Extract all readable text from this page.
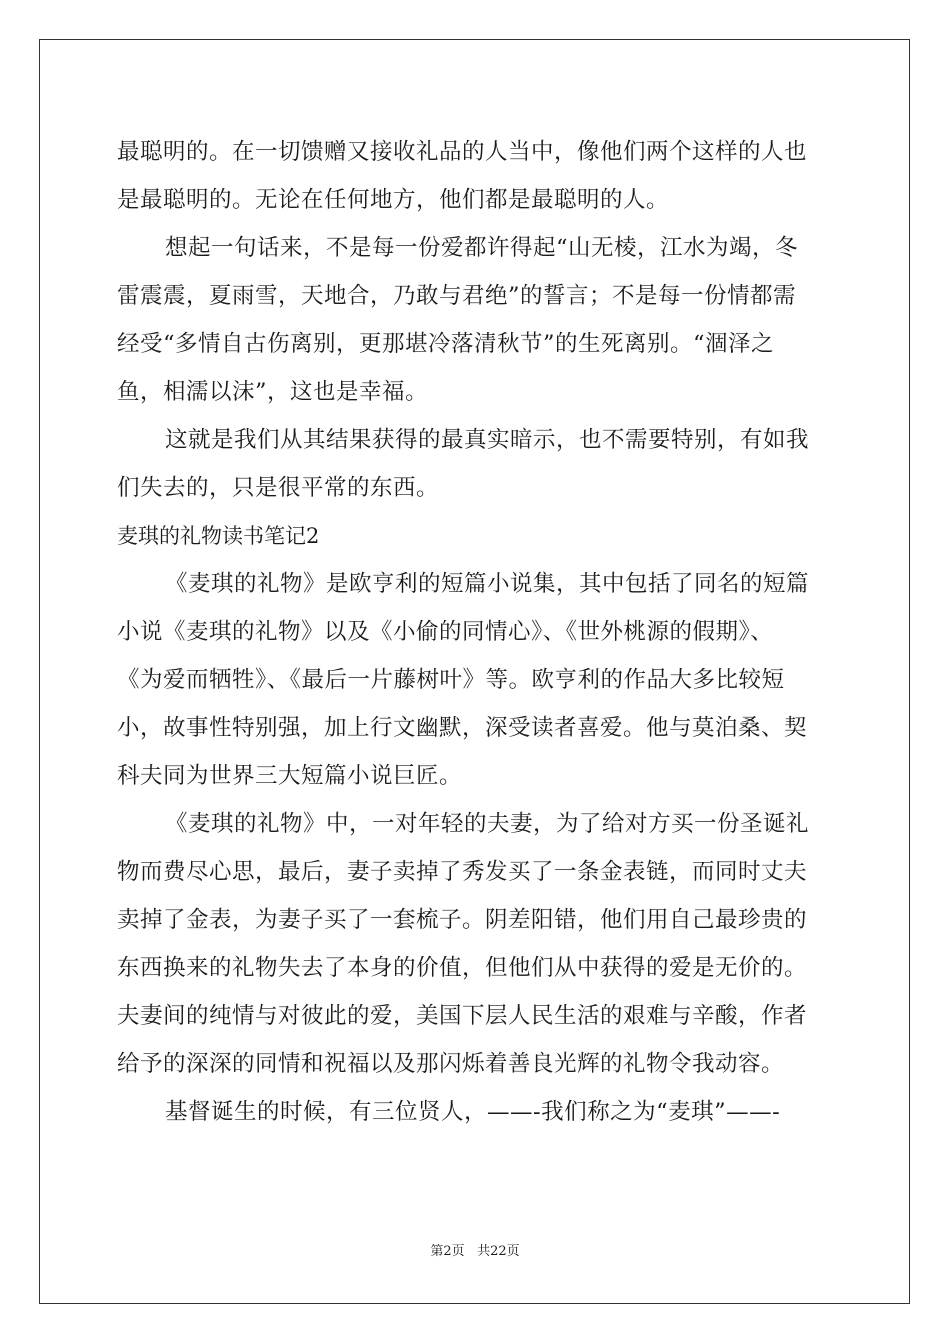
最聪明的。在一切馈赠又接收礼品的人当中，像他们两个这样的人也
是最聪明的。无论在任何地方，他们都是最聪明的人。
想起一句话来，不是每一份爱都许得起“山无棱，江水为竭，冬
雷震震，夏雨雪，天地合，乃敢与君绝”的誓言；不是每一份情都需
经受“多情自古伤离别，更那堪冷落清秋节”的生死离别。“涸泽之
鱼，相濡以沫”，这也是幸福。
这就是我们从其结果获得的最真实暗示，也不需要特别，有如我
们失去的，只是很平常的东西。
麦琪的礼物读书笔记2
《麦琪的礼物》是欧亨利的短篇小说集，其中包括了同名的短篇
小说《麦琪的礼物》以及《小偷的同情心》、《世外桃源的假期》、
《为爱而牺牲》、《最后一片藤树叶》等。欧亨利的作品大多比较短
小，故事性特别强，加上行文幽默，深受读者喜爱。他与莫泊桑、契
科夫同为世界三大短篇小说巨匠。
《麦琪的礼物》中，一对年轻的夫妻，为了给对方买一份圣诞礼
物而费尽心思，最后，妻子卖掉了秀发买了一条金表链，而同时丈夫
卖掉了金表，为妻子买了一套梳子。阴差阳错，他们用自己最珍贵的
东西换来的礼物失去了本身的价值，但他们从中获得的爱是无价的。
夫妻间的纯情与对彼此的爱，美国下层人民生活的艰难与辛酸，作者
给予的深深的同情和祝福以及那闪烁着善良光辉的礼物令我动容。
基督诞生的时候，有三位贤人，——-我们称之为“麦琪”——-
第2页 共22页
